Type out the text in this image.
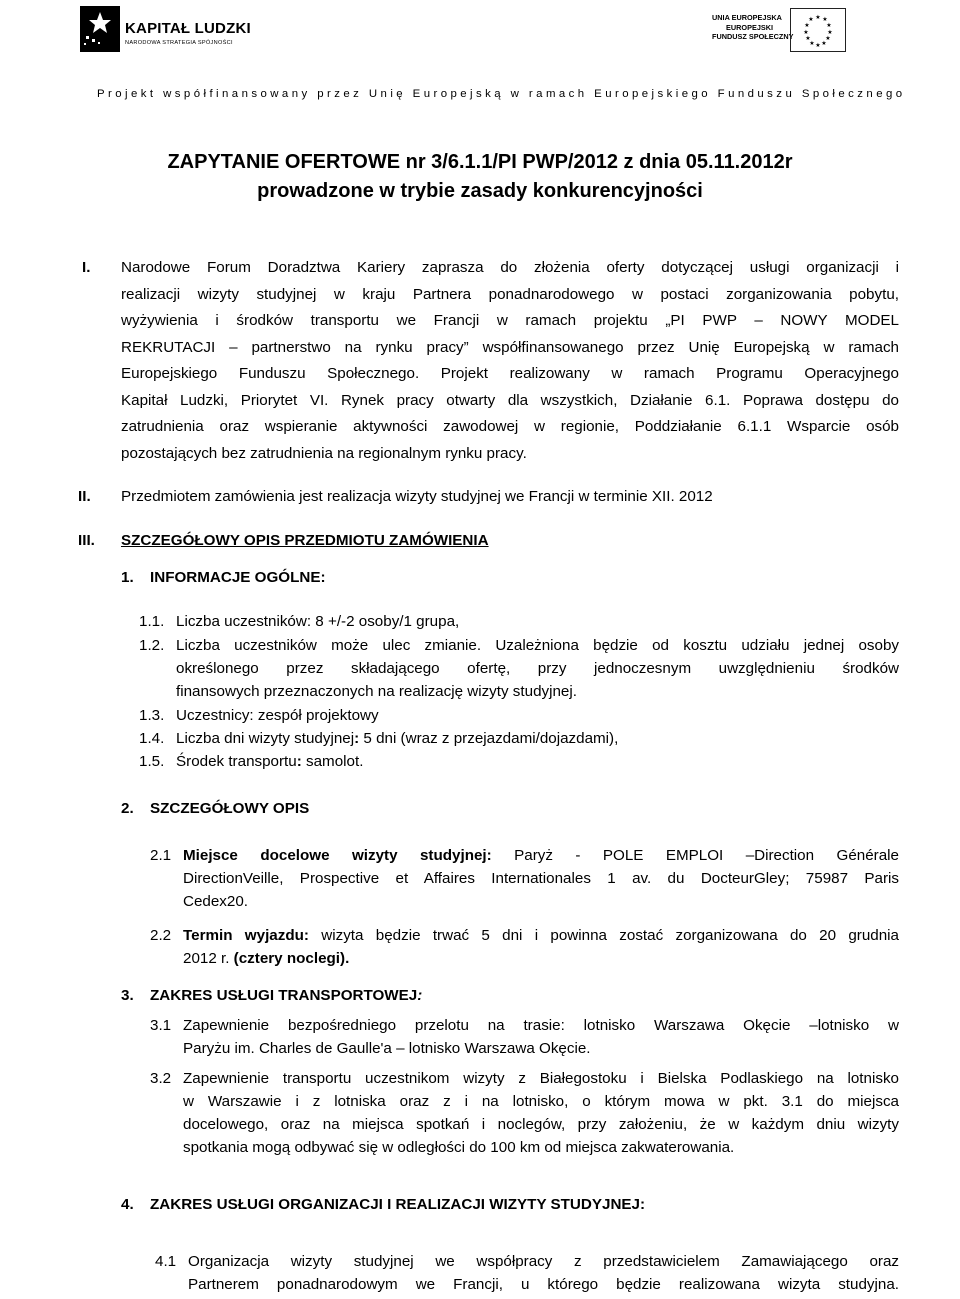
KAPITAŁ LUDZKI
NARODOWA STRATEGIA SPÓJNOŚCI
UNIA EUROPEJSKA
EUROPEJSKI
FUNDUSZ SPOŁECZNY
★ ★
★
★
★
★
★
★
★
★
★
★
Projekt współfinansowany przez Unię Europejską w ramach Europejskiego Funduszu Społecznego
ZAPYTANIE OFERTOWE nr 3/6.1.1/PI PWP/2012 z dnia 05.11.2012r
prowadzone w trybie zasady konkurencyjności
I. Narodowe Forum Doradztwa Kariery zaprasza do złożenia oferty dotyczącej usługi organizacji i
realizacji wizyty studyjnej w kraju Partnera ponadnarodowego w postaci zorganizowania pobytu,
wyżywienia i środków transportu we Francji w ramach projektu „PI PWP – NOWY MODEL
REKRUTACJI – partnerstwo na rynku pracy” współfinansowanego przez Unię Europejską w ramach
Europejskiego Funduszu Społecznego. Projekt realizowany w ramach Programu Operacyjnego
Kapitał Ludzki, Priorytet VI. Rynek pracy otwarty dla wszystkich, Działanie 6.1. Poprawa dostępu do
zatrudnienia oraz wspieranie aktywności zawodowej w regionie, Poddziałanie 6.1.1 Wsparcie osób
pozostających bez zatrudnienia na regionalnym rynku pracy.
II. Przedmiotem zamówienia jest realizacja wizyty studyjnej we Francji w terminie XII. 2012
III. SZCZEGÓŁOWY OPIS PRZEDMIOTU ZAMÓWIENIA
1. INFORMACJE OGÓLNE:
1.1. Liczba uczestników: 8 +/-2 osoby/1 grupa,
1.2. Liczba uczestników może ulec zmianie. Uzależniona będzie od kosztu udziału jednej osoby
określonego przez składającego ofertę, przy jednoczesnym uwzględnieniu środków
finansowych przeznaczonych na realizację wizyty studyjnej.
1.3. Uczestnicy: zespół projektowy
1.4. Liczba dni wizyty studyjnej: 5 dni (wraz z przejazdami/dojazdami),
1.5. Środek transportu: samolot.
2. SZCZEGÓŁOWY OPIS
2.1 Miejsce docelowe wizyty studyjnej: Paryż - POLE EMPLOI –Direction Générale
DirectionVeille, Prospective et Affaires Internationales 1 av. du DocteurGley; 75987 Paris
Cedex20.
2.2 Termin wyjazdu: wizyta będzie trwać 5 dni i powinna zostać zorganizowana do 20 grudnia
2012 r. (cztery noclegi).
3. ZAKRES USŁUGI TRANSPORTOWEJ:
3.1 Zapewnienie bezpośredniego przelotu na trasie: lotnisko Warszawa Okęcie –lotnisko w
Paryżu im. Charles de Gaulle'a – lotnisko Warszawa Okęcie.
3.2 Zapewnienie transportu uczestnikom wizyty z Białegostoku i Bielska Podlaskiego na lotnisko
w Warszawie i z lotniska oraz z i na lotnisko, o którym mowa w pkt. 3.1 do miejsca
docelowego, oraz na miejsca spotkań i noclegów, przy założeniu, że w każdym dniu wizyty
spotkania mogą odbywać się w odległości do 100 km od miejsca zakwaterowania.
4. ZAKRES USŁUGI ORGANIZACJI I REALIZACJI WIZYTY STUDYJNEJ:
4.1 Organizacja wizyty studyjnej we współpracy z przedstawicielem Zamawiającego oraz
Partnerem ponadnarodowym we Francji, u którego będzie realizowana wizyta studyjna.
